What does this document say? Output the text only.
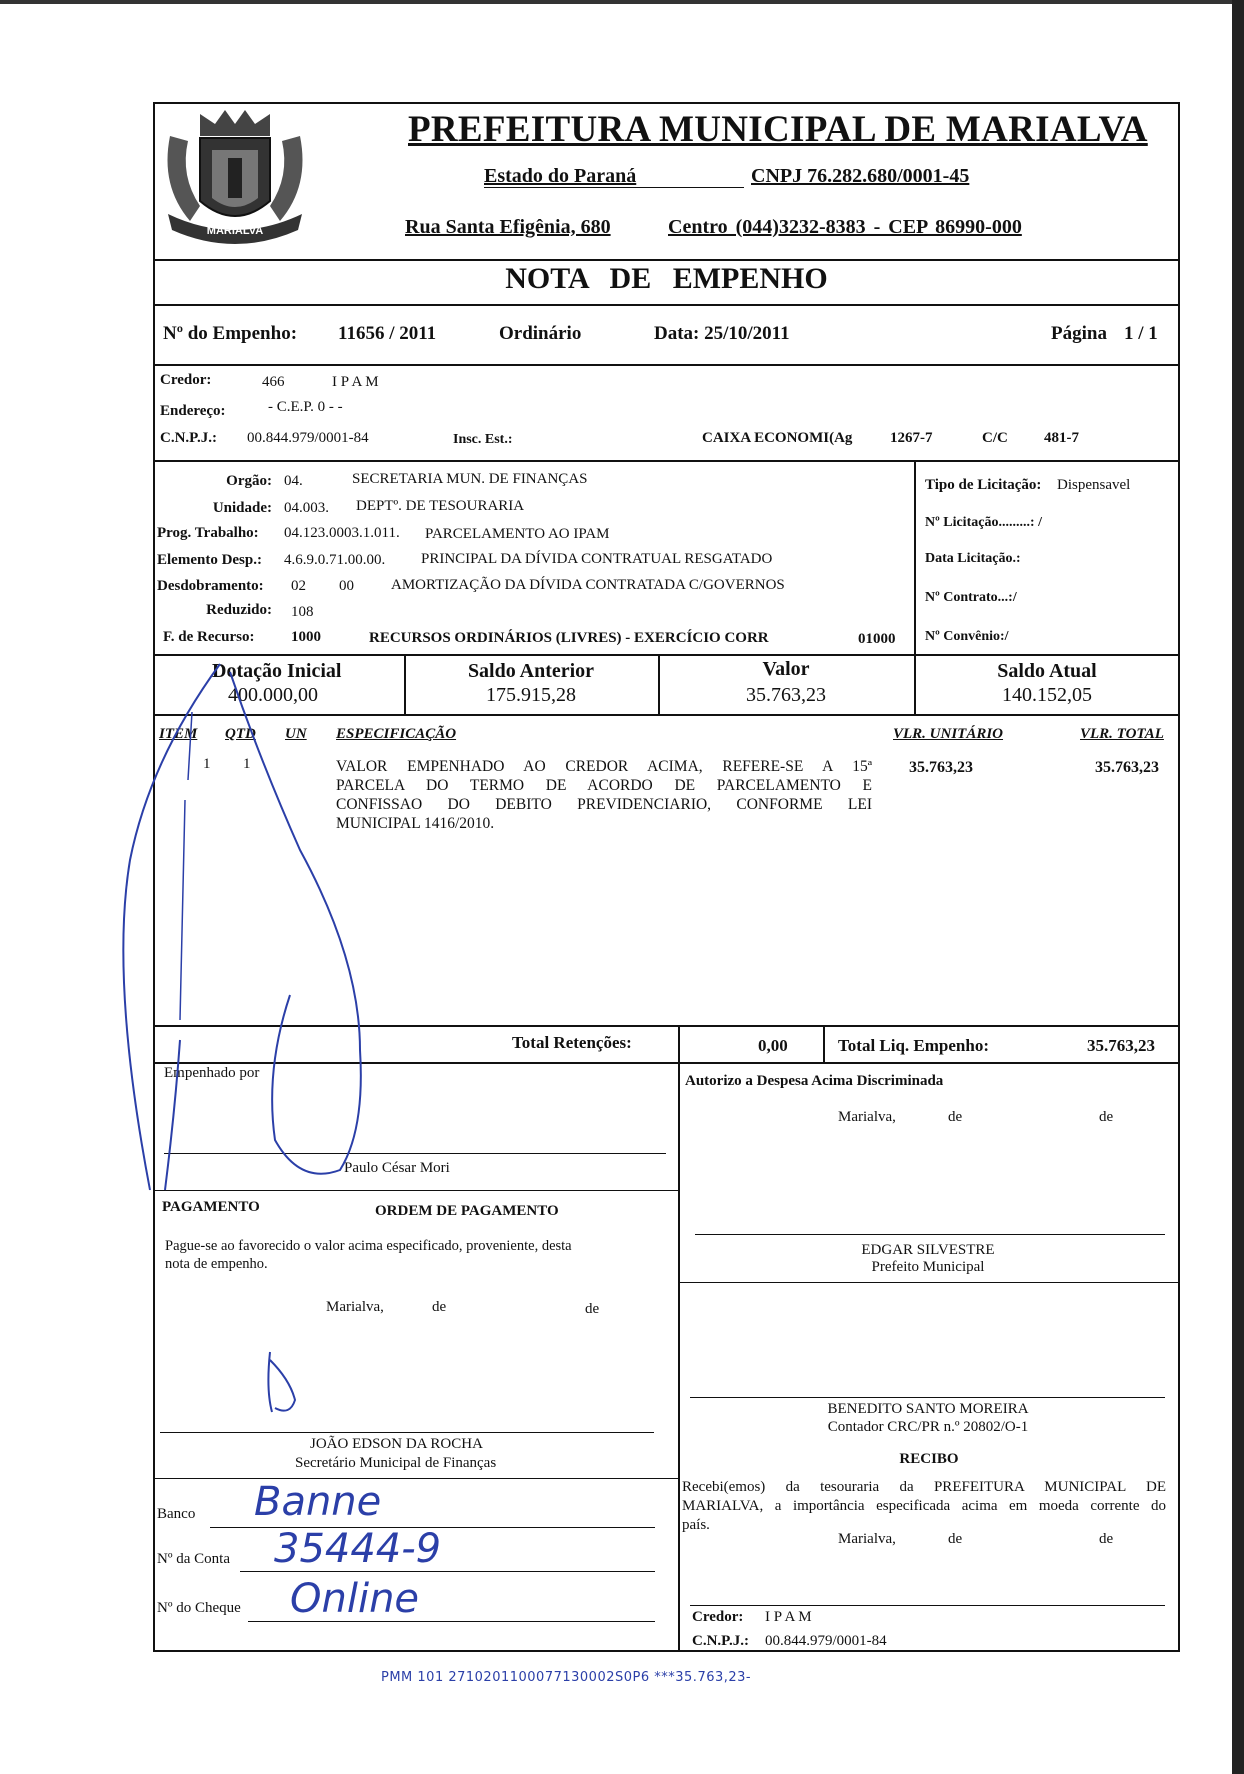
MARIALVA
PREFEITURA MUNICIPAL DE MARIALVA
Estado do Paraná	CNPJ 76.282.680/0001-45
Rua Santa Efigênia, 680	Centro (044)3232-8383 - CEP 86990-000
NOTA DE EMPENHO
Nº do Empenho: 11656 / 2011	Ordinário	Data: 25/10/2011	Página 1 / 1
Credor:	466	I P A M
Endereço:	- C.E.P. 0 - -
C.N.P.J.: 00.844.979/0001-84	Insc. Est.:	CAIXA ECONOMI(Ag	1267-7	C/C 481-7
Orgão: 04.	SECRETARIA MUN. DE FINANÇAS
Unidade: 04.003. DEPTº. DE TESOURARIA
Prog. Trabalho: 04.123.0003.1.011. PARCELAMENTO AO IPAM
Elemento Desp.: 4.6.9.0.71.00.00. PRINCIPAL DA DÍVIDA CONTRATUAL RESGATADO
Desdobramento: 02 00 AMORTIZAÇÃO DA DÍVIDA CONTRATADA C/GOVERNOS
Reduzido: 108
F. de Recurso: 1000	RECURSOS ORDINÁRIOS (LIVRES) - EXERCÍCIO CORR	01000
Tipo de Licitação: Dispensavel
Nº Licitação.........: /
Data Licitação.:
Nº Contrato...:/
Nº Convênio:/
Dotação Inicial
400.000,00
Saldo Anterior
175.915,28
Valor
35.763,23
Saldo Atual
140.152,05
ITEM QTD UN ESPECIFICAÇÃO	VLR. UNITÁRIO	VLR. TOTAL
1 1	VALOR EMPENHADO AO CREDOR ACIMA, REFERE-SE A 15ª
PARCELA DO TERMO DE ACORDO DE PARCELAMENTO E
CONFISSAO DO DEBITO PREVIDENCIARIO, CONFORME LEI
MUNICIPAL 1416/2010.
35.763,23	35.763,23
Total Retenções:	0,00	Total Liq. Empenho:	35.763,23
Empenhado por
Paulo César Mori
Autorizo a Despesa Acima Discriminada
Marialva,	de	de
PAGAMENTO	ORDEM DE PAGAMENTO
Pague-se ao favorecido o valor acima especificado, proveniente, desta
nota de empenho.
Marialva,	de	de
JOÃO EDSON DA ROCHA
Secretário Municipal de Finanças
EDGAR SILVESTRE
Prefeito Municipal
BENEDITO SANTO MOREIRA
Contador CRC/PR n.º 20802/O-1
RECIBO
Recebi(emos) da tesouraria da PREFEITURA MUNICIPAL DE
MARIALVA, a importância especificada acima em moeda corrente do
país.
Marialva,	de	de
Credor: I P A M
C.N.P.J.: 00.844.979/0001-84
Banco Banne
Nº da Conta 35444-9
Nº do Cheque Online
PMM 101 2710201100077130002S0P6 ***35.763,23-
